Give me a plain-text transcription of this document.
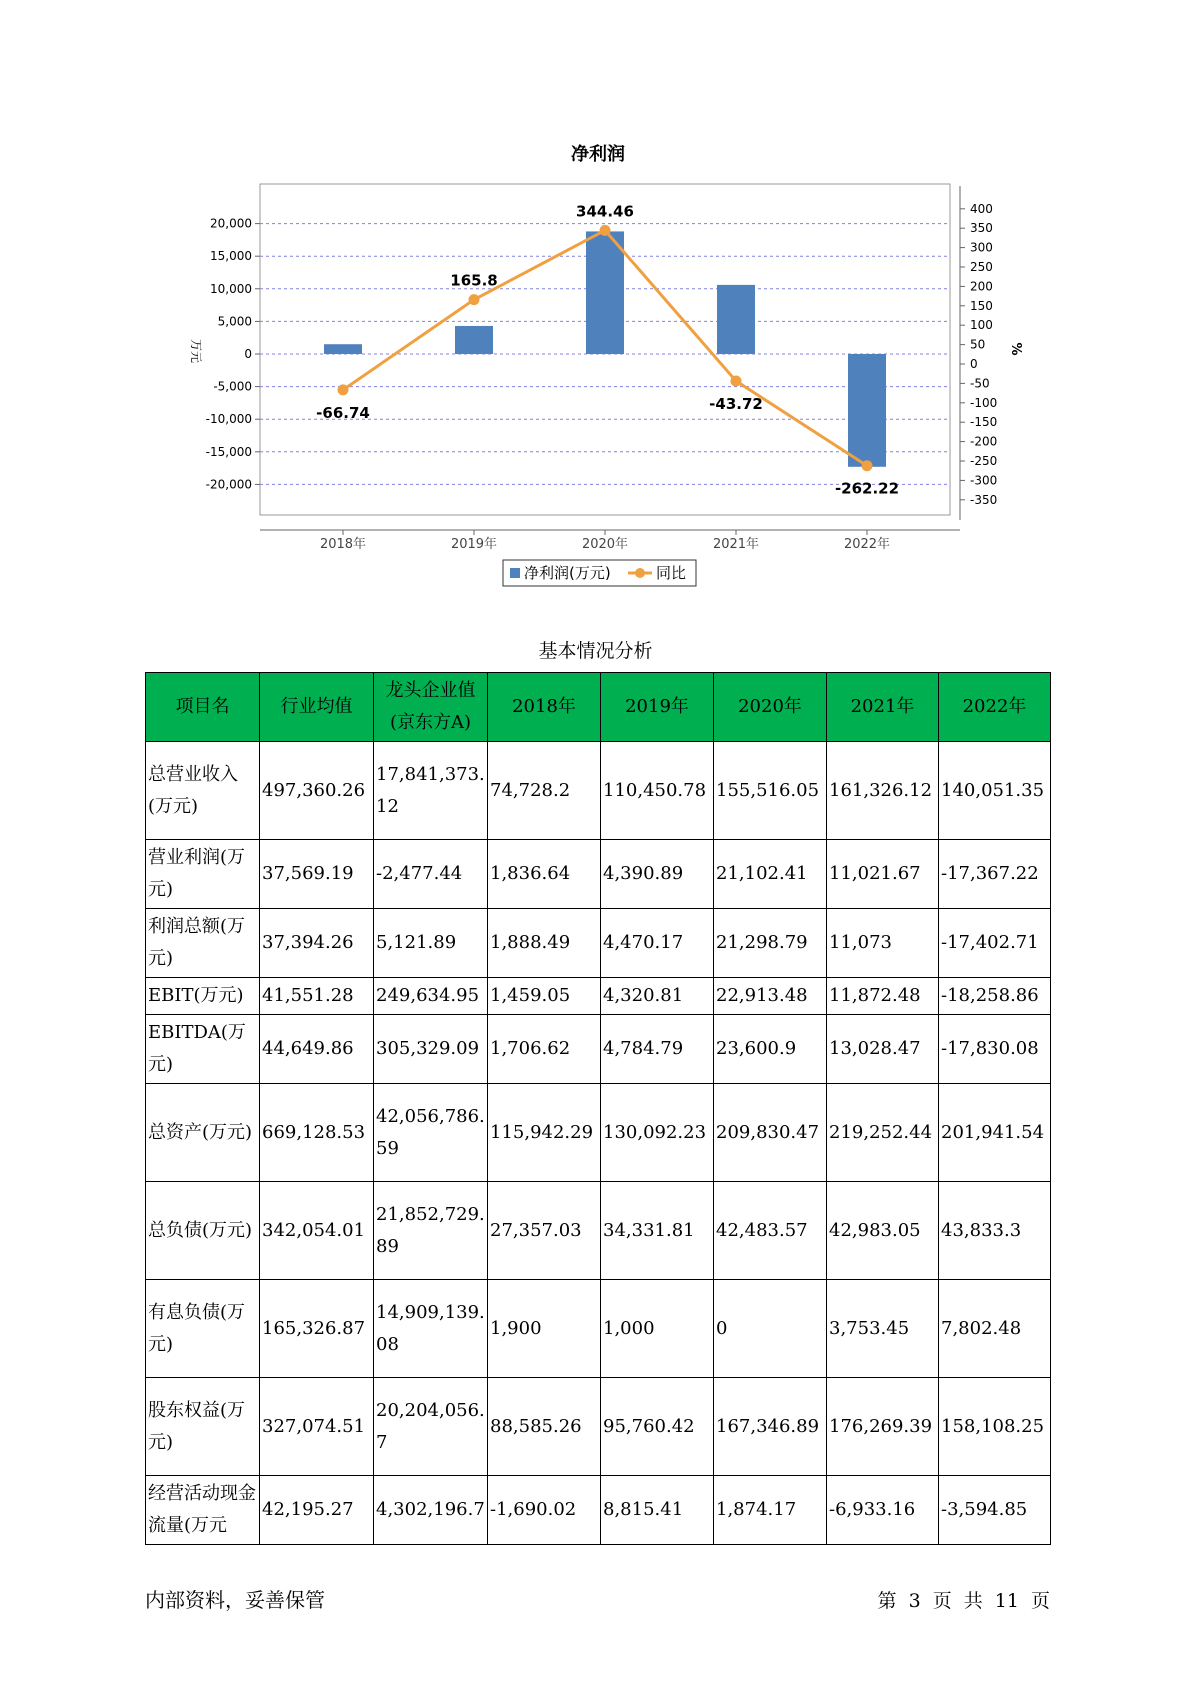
净利润
20,000
15,000
10,000
5,000
0
-5,000
-10,000
-15,000
-20,000
400
350
300
250
200
150
100
50
0
-50
-100
-150
-200
-250
-300
-350
2018年	2019年	2020年	2021年	2022年
-66.74
165.8
344.46
-43.72
-262.22
万元	%
净利润(万元)	同比
基本情况分析
项目名	行业均值	龙头企业值(京东方A)	2018年	2019年	2020年	2021年	2022年
总营业收入(万元)	497,360.26	17,841,373.12	74,728.2	110,450.78	155,516.05	161,326.12	140,051.35
营业利润(万元)	37,569.19	-2,477.44	1,836.64	4,390.89	21,102.41	11,021.67	-17,367.22
利润总额(万元)	37,394.26	5,121.89	1,888.49	4,470.17	21,298.79	11,073	-17,402.71
EBIT(万元)	41,551.28	249,634.95	1,459.05	4,320.81	22,913.48	11,872.48	-18,258.86
EBITDA(万元)	44,649.86	305,329.09	1,706.62	4,784.79	23,600.9	13,028.47	-17,830.08
总资产(万元)	669,128.53	42,056,786.59	115,942.29	130,092.23	209,830.47	219,252.44	201,941.54
总负债(万元)	342,054.01	21,852,729.89	27,357.03	34,331.81	42,483.57	42,983.05	43,833.3
有息负债(万元)	165,326.87	14,909,139.08	1,900	1,000	0	3,753.45	7,802.48
股东权益(万元)	327,074.51	20,204,056.7	88,585.26	95,760.42	167,346.89	176,269.39	158,108.25
经营活动现金流量(万元	42,195.27	4,302,196.7	-1,690.02	8,815.41	1,874.17	-6,933.16	-3,594.85
内部资料，妥善保管	第 3 页 共 11 页
